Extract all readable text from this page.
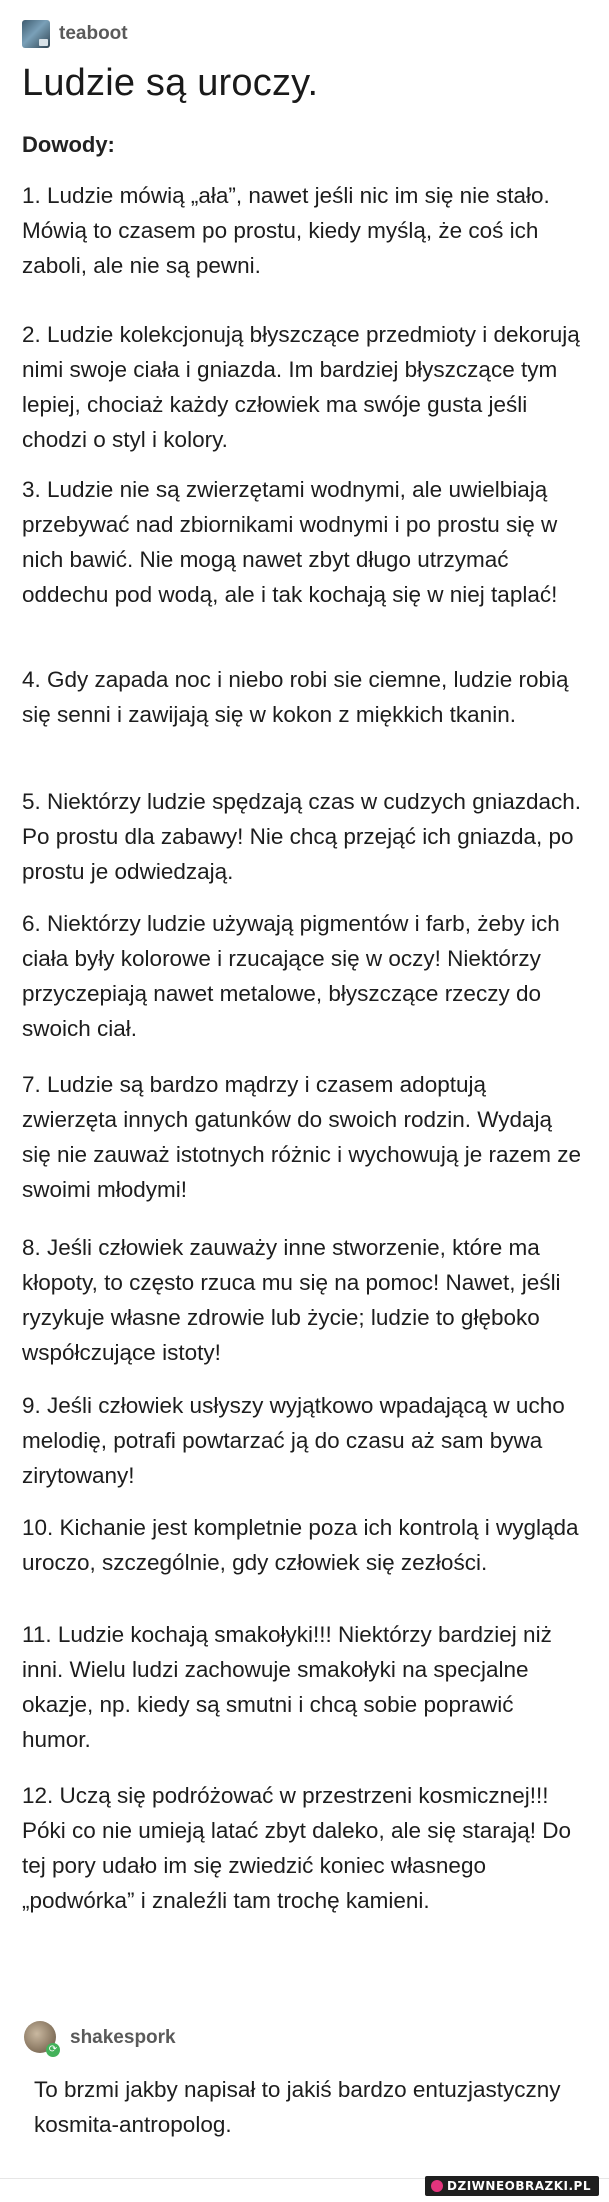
teaboot
Ludzie są uroczy.
Dowody:
1. Ludzie mówią „ała”, nawet jeśli nic im się nie stało. Mówią to czasem po prostu, kiedy myślą, że coś ich zaboli, ale nie są pewni.
2. Ludzie kolekcjonują błyszczące przedmioty i dekorują nimi swoje ciała i gniazda. Im bardziej błyszczące tym lepiej, chociaż każdy człowiek ma swóje gusta jeśli chodzi o styl i kolory.
3. Ludzie nie są zwierzętami wodnymi, ale uwielbiają przebywać nad zbiornikami wodnymi i po prostu się w nich bawić. Nie mogą nawet zbyt długo utrzymać oddechu pod wodą, ale i tak kochają się w niej taplać!
4. Gdy zapada noc i niebo robi sie ciemne, ludzie robią się senni i zawijają się w kokon z miękkich tkanin.
5. Niektórzy ludzie spędzają czas w cudzych gniazdach. Po prostu dla zabawy! Nie chcą przejąć ich gniazda, po prostu je odwiedzają.
6. Niektórzy ludzie używają pigmentów i farb, żeby ich ciała były kolorowe i rzucające się w oczy! Niektórzy przyczepiają nawet metalowe, błyszczące rzeczy do swoich ciał.
7. Ludzie są bardzo mądrzy i czasem adoptują zwierzęta innych gatunków do swoich rodzin. Wydają się nie zauważ istotnych różnic i wychowują je razem ze swoimi młodymi!
8. Jeśli człowiek zauważy inne stworzenie, które ma kłopoty, to często rzuca mu się na pomoc! Nawet, jeśli ryzykuje własne zdrowie lub życie; ludzie to głęboko współczujące istoty!
9. Jeśli człowiek usłyszy wyjątkowo wpadającą w ucho melodię, potrafi powtarzać ją do czasu aż sam bywa zirytowany!
10. Kichanie jest kompletnie poza ich kontrolą i wygląda uroczo, szczególnie, gdy człowiek się zezłości.
11. Ludzie kochają smakołyki!!! Niektórzy bardziej niż inni. Wielu ludzi zachowuje smakołyki na specjalne okazje, np. kiedy są smutni i chcą sobie poprawić humor.
12. Uczą się podróżować w przestrzeni kosmicznej!!! Póki co nie umieją latać zbyt daleko, ale się starają! Do tej pory udało im się zwiedzić koniec własnego „podwórka” i znaleźli tam trochę kamieni.
⟳
shakespork
To brzmi jakby napisał to jakiś bardzo entuzjastyczny kosmita-antropolog.
DZIWNEOBRAZKI.PL
